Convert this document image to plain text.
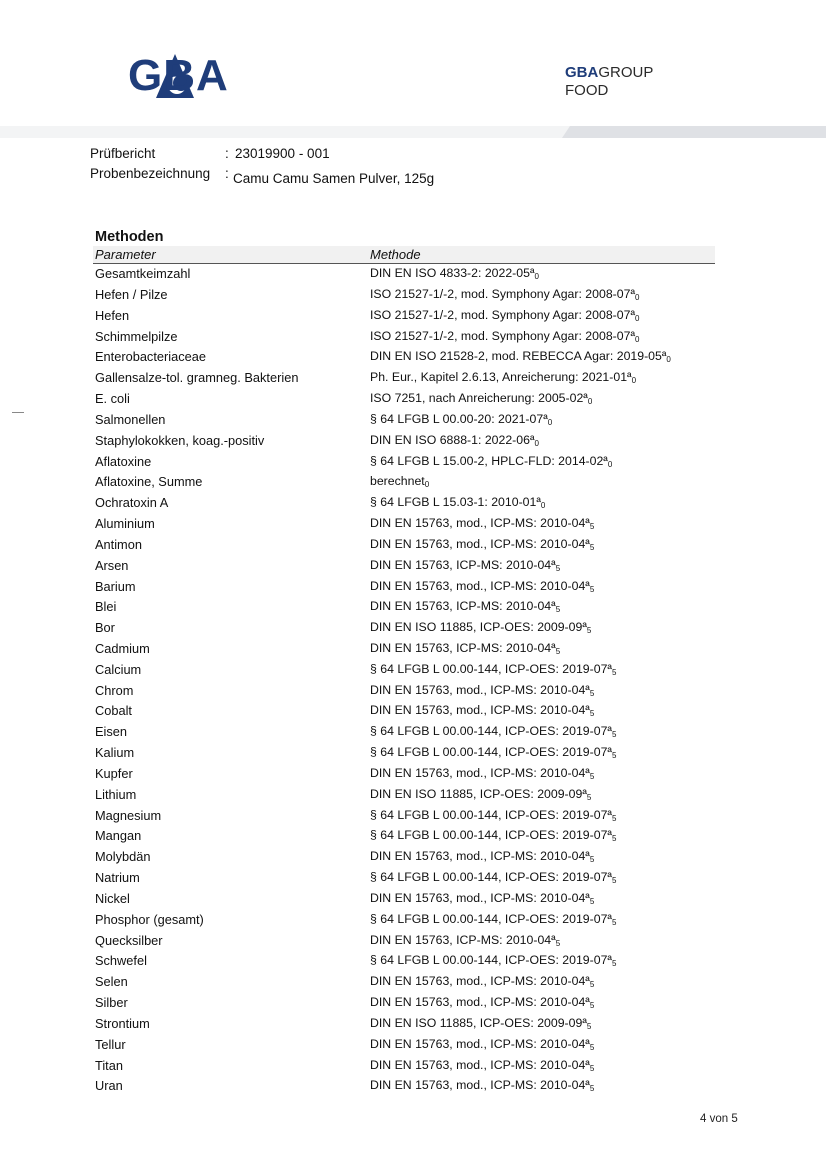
GBA	GBAGROUP
FOOD
Prüfbericht	: 23019900 - 001
Probenbezeichnung : Camu Camu Samen Pulver, 125g
Methoden
Parameter	Methode
Gesamtkeimzahl	DIN EN ISO 4833-2: 2022-05ª$_0$
Hefen / Pilze	ISO 21527-1/-2, mod. Symphony Agar: 2008-07ª$_0$
Hefen	ISO 21527-1/-2, mod. Symphony Agar: 2008-07ª$_0$
Schimmelpilze	ISO 21527-1/-2, mod. Symphony Agar: 2008-07ª$_0$
Enterobacteriaceae	DIN EN ISO 21528-2, mod. REBECCA Agar: 2019-05ª$_0$
Gallensalze-tol. gramneg. Bakterien	Ph. Eur., Kapitel 2.6.13, Anreicherung: 2021-01ª$_0$
E. coli	ISO 7251, nach Anreicherung: 2005-02ª$_0$
Salmonellen	§ 64 LFGB L 00.00-20: 2021-07ª$_0$
Staphylokokken, koag.-positiv	DIN EN ISO 6888-1: 2022-06ª$_0$
Aflatoxine	§ 64 LFGB L 15.00-2, HPLC-FLD: 2014-02ª$_0$
Aflatoxine, Summe	berechnet$_0$
Ochratoxin A	§ 64 LFGB L 15.03-1: 2010-01ª$_0$
Aluminium	DIN EN 15763, mod., ICP-MS: 2010-04ª$_5$
Antimon	DIN EN 15763, mod., ICP-MS: 2010-04ª$_5$
Arsen	DIN EN 15763, ICP-MS: 2010-04ª$_5$
Barium	DIN EN 15763, mod., ICP-MS: 2010-04ª$_5$
Blei	DIN EN 15763, ICP-MS: 2010-04ª$_5$
Bor	DIN EN ISO 11885, ICP-OES: 2009-09ª$_5$
Cadmium	DIN EN 15763, ICP-MS: 2010-04ª$_5$
Calcium	§ 64 LFGB L 00.00-144, ICP-OES: 2019-07ª$_5$
Chrom	DIN EN 15763, mod., ICP-MS: 2010-04ª$_5$
Cobalt	DIN EN 15763, mod., ICP-MS: 2010-04ª$_5$
Eisen	§ 64 LFGB L 00.00-144, ICP-OES: 2019-07ª$_5$
Kalium	§ 64 LFGB L 00.00-144, ICP-OES: 2019-07ª$_5$
Kupfer	DIN EN 15763, mod., ICP-MS: 2010-04ª$_5$
Lithium	DIN EN ISO 11885, ICP-OES: 2009-09ª$_5$
Magnesium	§ 64 LFGB L 00.00-144, ICP-OES: 2019-07ª$_5$
Mangan	§ 64 LFGB L 00.00-144, ICP-OES: 2019-07ª$_5$
Molybdän	DIN EN 15763, mod., ICP-MS: 2010-04ª$_5$
Natrium	§ 64 LFGB L 00.00-144, ICP-OES: 2019-07ª$_5$
Nickel	DIN EN 15763, mod., ICP-MS: 2010-04ª$_5$
Phosphor (gesamt)	§ 64 LFGB L 00.00-144, ICP-OES: 2019-07ª$_5$
Quecksilber	DIN EN 15763, ICP-MS: 2010-04ª$_5$
Schwefel	§ 64 LFGB L 00.00-144, ICP-OES: 2019-07ª$_5$
Selen	DIN EN 15763, mod., ICP-MS: 2010-04ª$_5$
Silber	DIN EN 15763, mod., ICP-MS: 2010-04ª$_5$
Strontium	DIN EN ISO 11885, ICP-OES: 2009-09ª$_5$
Tellur	DIN EN 15763, mod., ICP-MS: 2010-04ª$_5$
Titan	DIN EN 15763, mod., ICP-MS: 2010-04ª$_5$
Uran	DIN EN 15763, mod., ICP-MS: 2010-04ª$_5$
4 von 5
